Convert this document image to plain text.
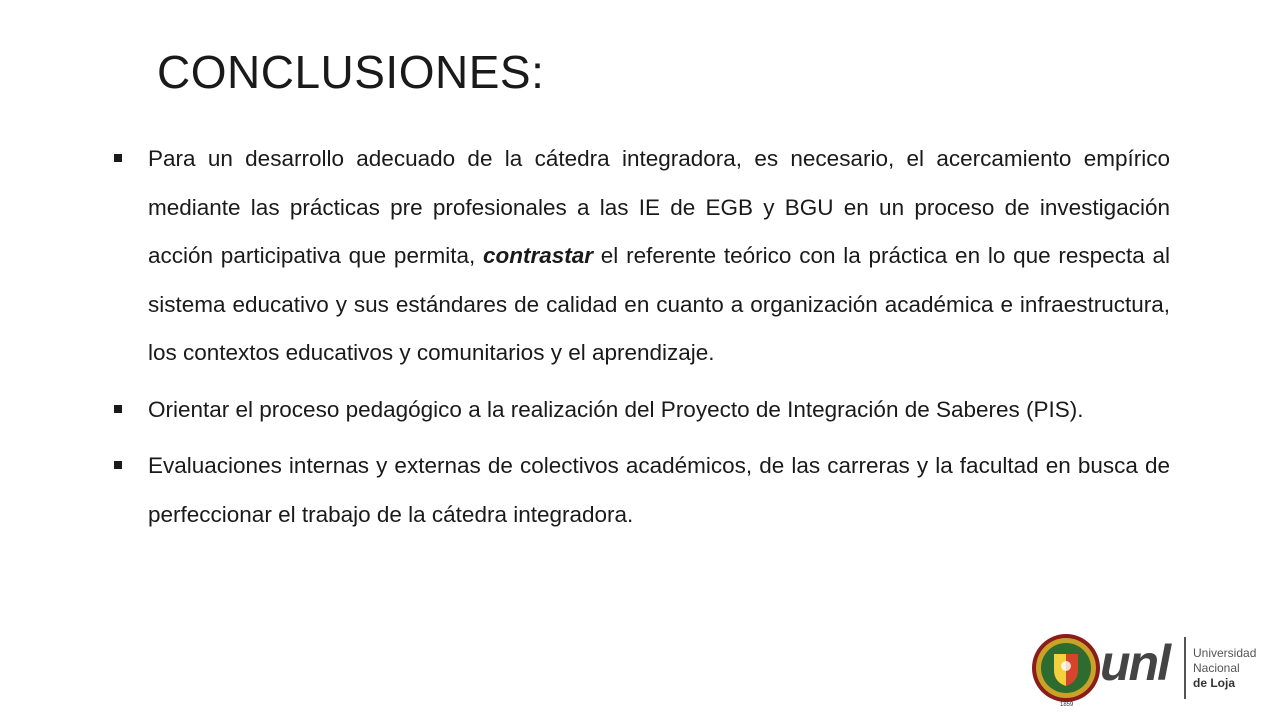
CONCLUSIONES:
Para un desarrollo adecuado de la cátedra integradora, es necesario, el acercamiento empírico mediante las prácticas pre profesionales a las IE de EGB y BGU en un proceso de investigación acción participativa que permita, contrastar el referente teórico con la práctica en lo que respecta al sistema educativo y sus estándares de calidad en cuanto a organización académica e infraestructura, los contextos educativos y comunitarios y el aprendizaje.
Orientar el proceso pedagógico a la realización del Proyecto de Integración de Saberes (PIS).
Evaluaciones internas y externas de colectivos académicos, de las carreras y la facultad en busca de perfeccionar el trabajo de la cátedra integradora.
1859
unl Universidad
Nacional
de Loja
